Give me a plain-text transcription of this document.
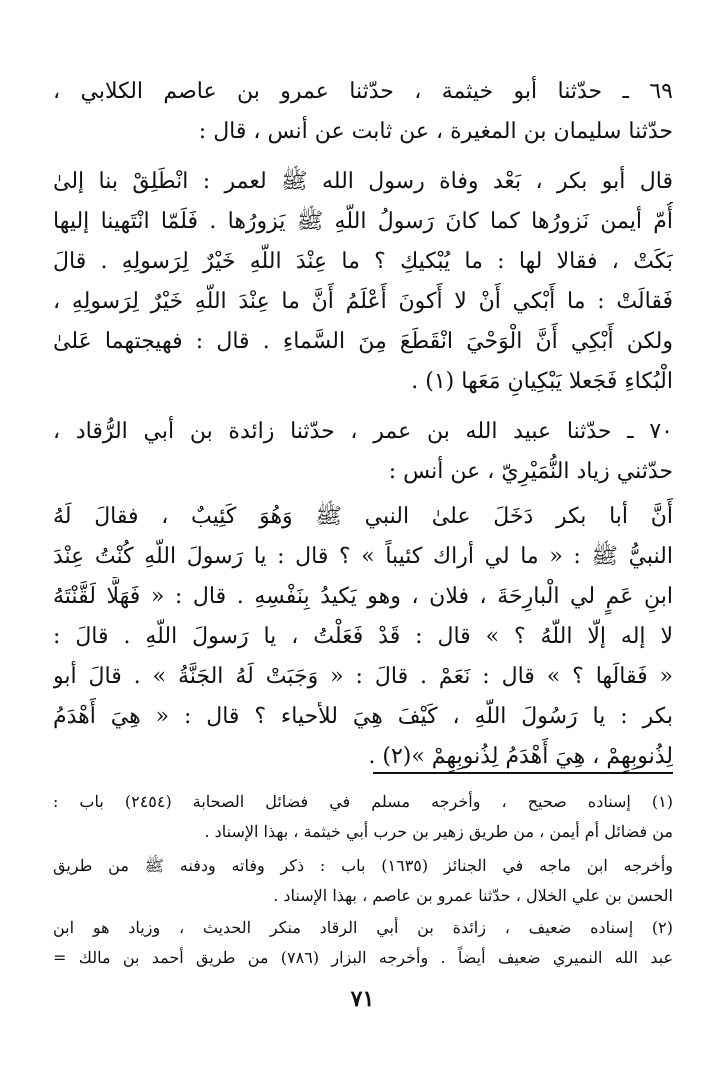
٦٩ ـ حدّثنا أبو خيثمة ، حدّثنا عمرو بن عاصم الكلابي ،
حدّثنا سليمان بن المغيرة ، عن ثابت عن أنس ، قال :
قال أبو بكر ، بَعْد وفاة رسول الله ﷺ لعمر : انْطَلِقْ بنا إلىٰ
أُمّ أيمن نَزورُها كما كانَ رَسولُ اللّهِ ﷺ يَزورُها . فَلَمّا انْتَهينا إليها
بَكَتْ ، فقالا لها : ما يُبْكيكِ ؟ ما عِنْدَ اللّهِ خَيْرٌ لِرَسولِهِ . قالَ
فَقالَتْ : ما أَبْكي أَنْ لا أَكونَ أَعْلَمُ أَنَّ ما عِنْدَ اللّهِ خَيْرٌ لِرَسولِهِ ،
ولكن أَبْكِي أَنَّ الْوَحْيَ انْقَطَعَ مِنَ السَّماءِ . قال : فهيجتهما عَلىٰ
الْبُكاءِ فَجَعلا يَبْكِيانِ مَعَها (١) .
٧٠ ـ حدّثنا عبيد الله بن عمر ، حدّثنا زائدة بن أبي الرُّقاد ،
حدّثني زياد النُّمَيْرِيّ ، عن أنس :
أَنَّ أبا بكر دَخَلَ علىٰ النبي ﷺ وَهُوَ كَئِيبٌ ، فقالَ لَهُ
النبيُّ ﷺ : « ما لي أراك كئيباً » ؟ قال : يا رَسولَ اللّهِ كُنْتُ عِنْدَ
ابنِ عَمٍ لي الْبارِحَةَ ، فلان ، وهو يَكيدُ بِنَفْسِهِ . قال : « فَهَلَّا لَقَّنْتَهُ
لا إله إلّا اللّهُ ؟ » قال : قَدْ فَعَلْتُ ، يا رَسولَ اللّهِ . قالَ :
« فَقالَها ؟ » قال : نَعَمْ . قالَ : « وَجَبَتْ لَهُ الجَنَّةُ » . قالَ أبو
بكر : يا رَسُولَ اللّهِ ، كَيْفَ هِيَ للأحياء ؟ قال : « هِيَ أَهْدَمُ
لِذُنوبِهِمْ ، هِيَ أَهْدَمُ لِذُنوبِهِمْ »(٢) .
(١) إسناده صحيح ، وأخرجه مسلم في فضائل الصحابة (٢٤٥٤) باب :
من فضائل أم أيمن ، من طريق زهير بن حرب أبي خيثمة ، بهذا الإسناد .
وأخرجه ابن ماجه في الجنائز (١٦٣٥) باب : ذكر وفاته ودفنه ﷺ من طريق
الحسن بن علي الخلال ، حدّثنا عمرو بن عاصم ، بهذا الإسناد .
(٢) إسناده ضعيف ، زائدة بن أبي الرقاد منكر الحديث ، وزياد هو ابن
عبد الله النميري ضعيف أيضاً . وأخرجه البزار (٧٨٦) من طريق أحمد بن مالك =
٧١
